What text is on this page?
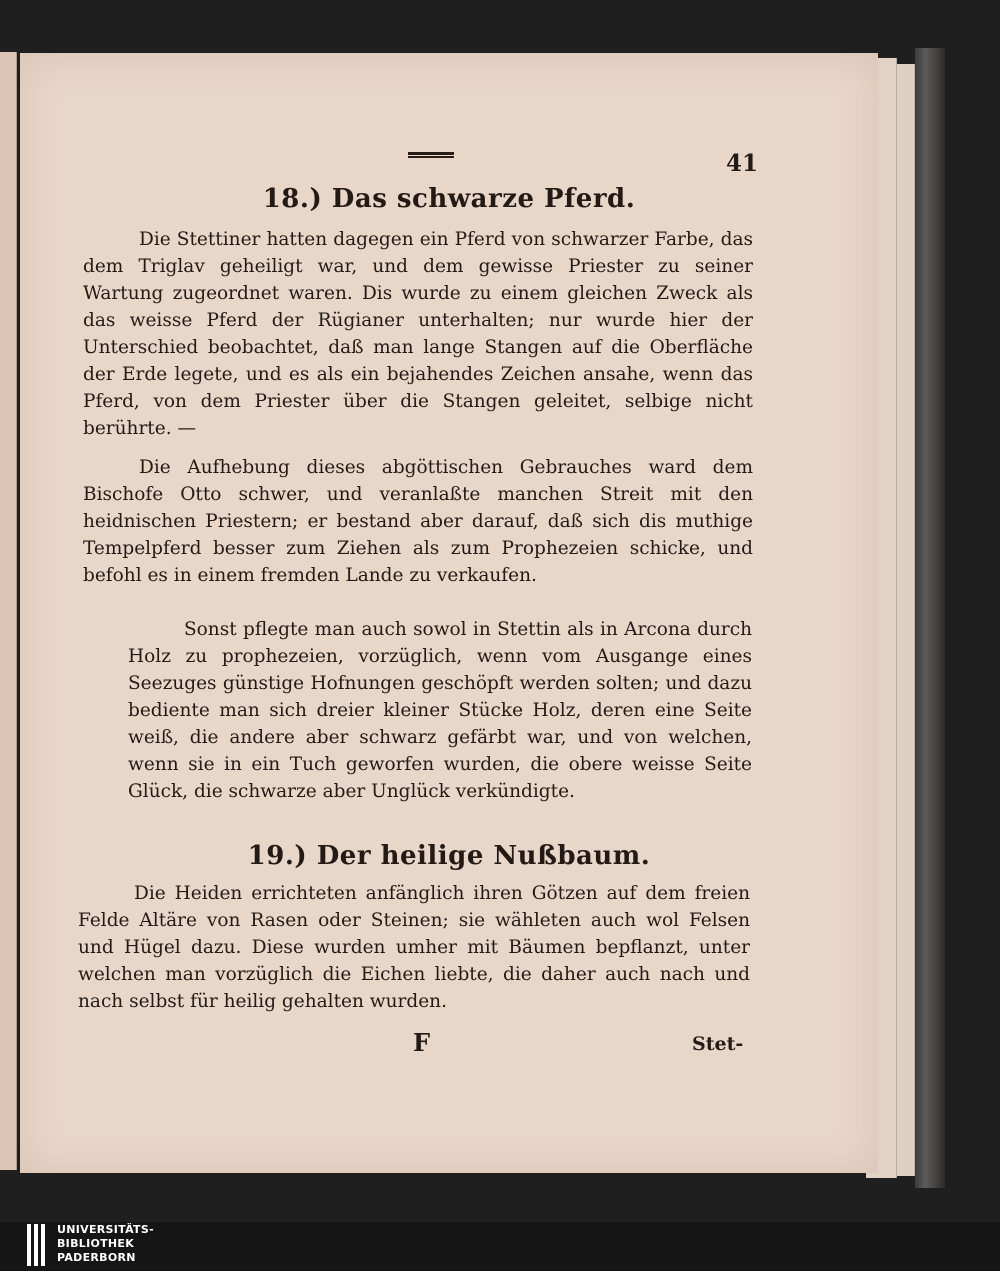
41
18.) Das schwarze Pferd.

Die Stettiner hatten dagegen ein Pferd von schwarzer Farbe, das dem Triglav geheiligt war, und dem gewisse Priester zu seiner Wartung zugeordnet waren. Dis wurde zu einem gleichen Zweck als das weisse Pferd der Rügianer unterhalten; nur wurde hier der Unterschied beobachtet, daß man lange Stangen auf die Oberfläche der Erde legete, und es als ein bejahendes Zeichen ansahe, wenn das Pferd, von dem Priester über die Stangen geleitet, selbige nicht berührte. —

Die Aufhebung dieses abgöttischen Gebrauches ward dem Bischofe Otto schwer, und veranlaßte manchen Streit mit den heidnischen Priestern; er bestand aber darauf, daß sich dis muthige Tempelpferd besser zum Ziehen als zum Prophezeien schicke, und befohl es in einem fremden Lande zu verkaufen.

Sonst pflegte man auch sowol in Stettin als in Arcona durch Holz zu prophezeien, vorzüglich, wenn vom Ausgange eines Seezuges günstige Hofnungen geschöpft werden solten; und dazu bediente man sich dreier kleiner Stücke Holz, deren eine Seite weiß, die andere aber schwarz gefärbt war, und von welchen, wenn sie in ein Tuch geworfen wurden, die obere weisse Seite Glück, die schwarze aber Unglück verkündigte.

19.) Der heilige Nußbaum.

Die Heiden errichteten anfänglich ihren Götzen auf dem freien Felde Altäre von Rasen oder Steinen; sie wähleten auch wol Felsen und Hügel dazu. Diese wurden umher mit Bäumen bepflanzt, unter welchen man vorzüglich die Eichen liebte, die daher auch nach und nach selbst für heilig gehalten wurden.

F	Stet-
UNIVERSITÄTS-
BIBLIOTHEK
PADERBORN
